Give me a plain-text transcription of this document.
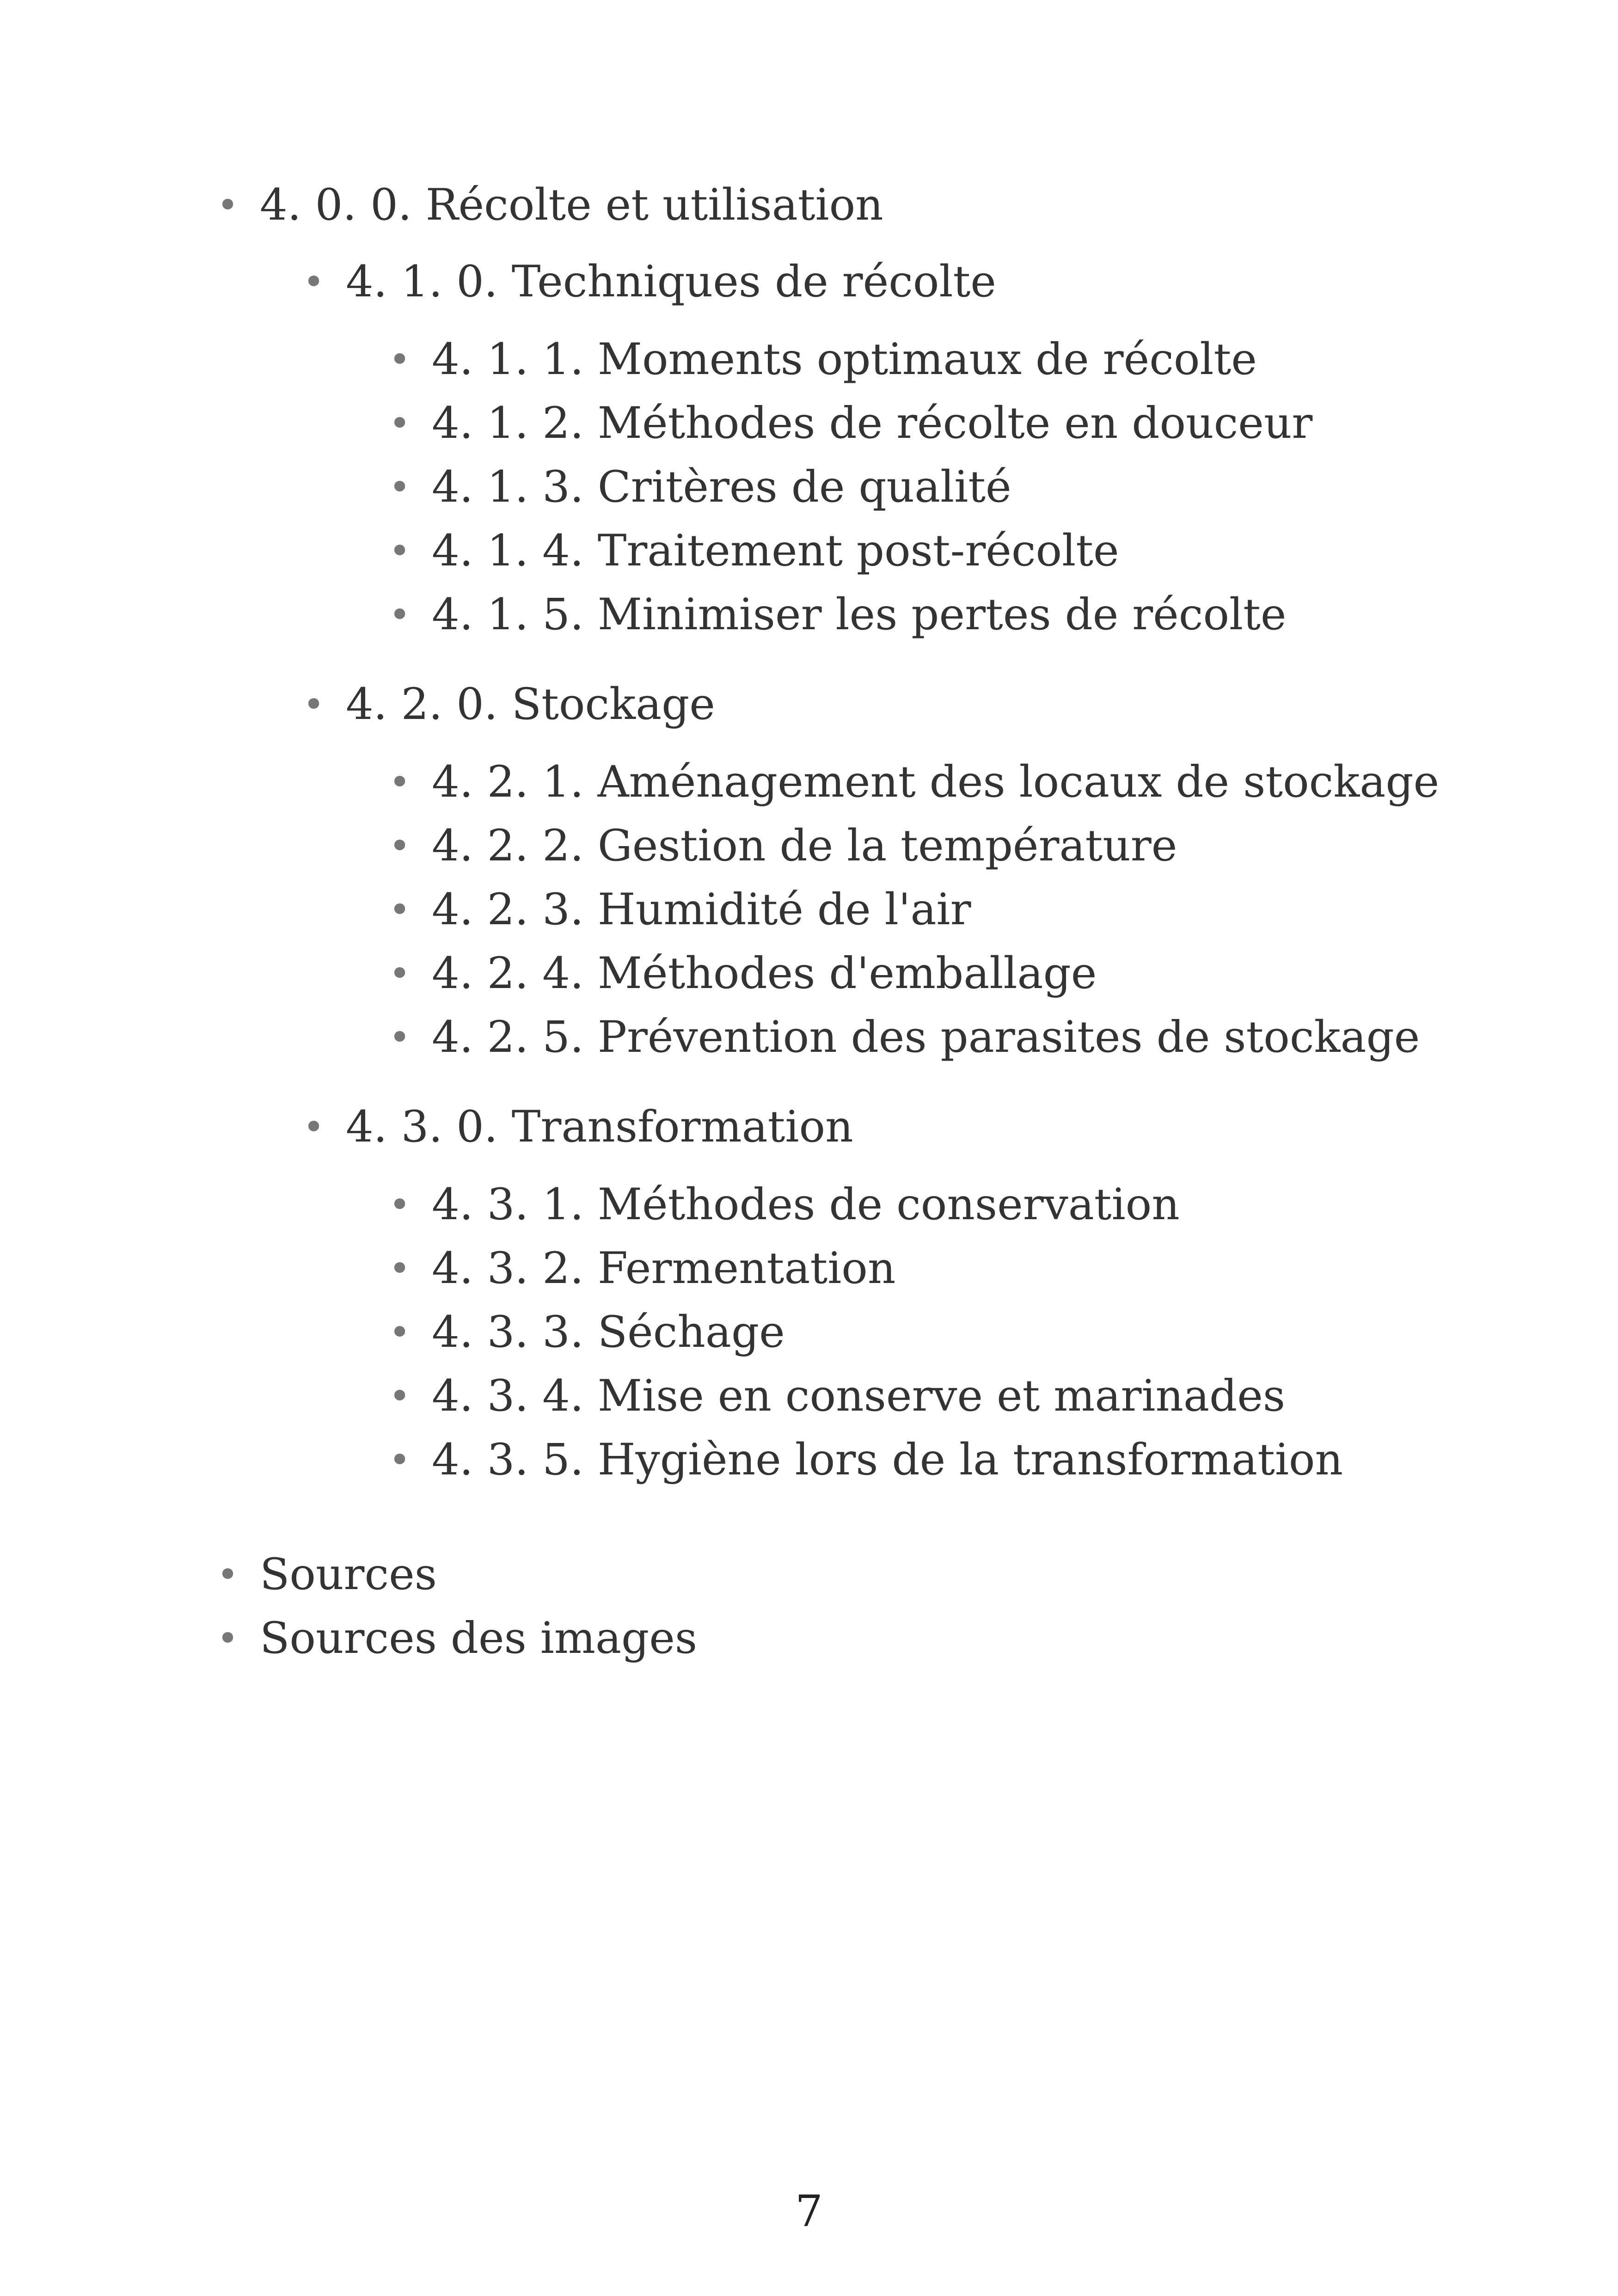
• 4. 0. 0. Récolte et utilisation
• 4. 1. 0. Techniques de récolte
• 4. 1. 1. Moments optimaux de récolte
• 4. 1. 2. Méthodes de récolte en douceur
• 4. 1. 3. Critères de qualité
• 4. 1. 4. Traitement post-récolte
• 4. 1. 5. Minimiser les pertes de récolte
• 4. 2. 0. Stockage
• 4. 2. 1. Aménagement des locaux de stockage
• 4. 2. 2. Gestion de la température
• 4. 2. 3. Humidité de l'air
• 4. 2. 4. Méthodes d'emballage
• 4. 2. 5. Prévention des parasites de stockage
• 4. 3. 0. Transformation
• 4. 3. 1. Méthodes de conservation
• 4. 3. 2. Fermentation
• 4. 3. 3. Séchage
• 4. 3. 4. Mise en conserve et marinades
• 4. 3. 5. Hygiène lors de la transformation
• Sources
• Sources des images
7
